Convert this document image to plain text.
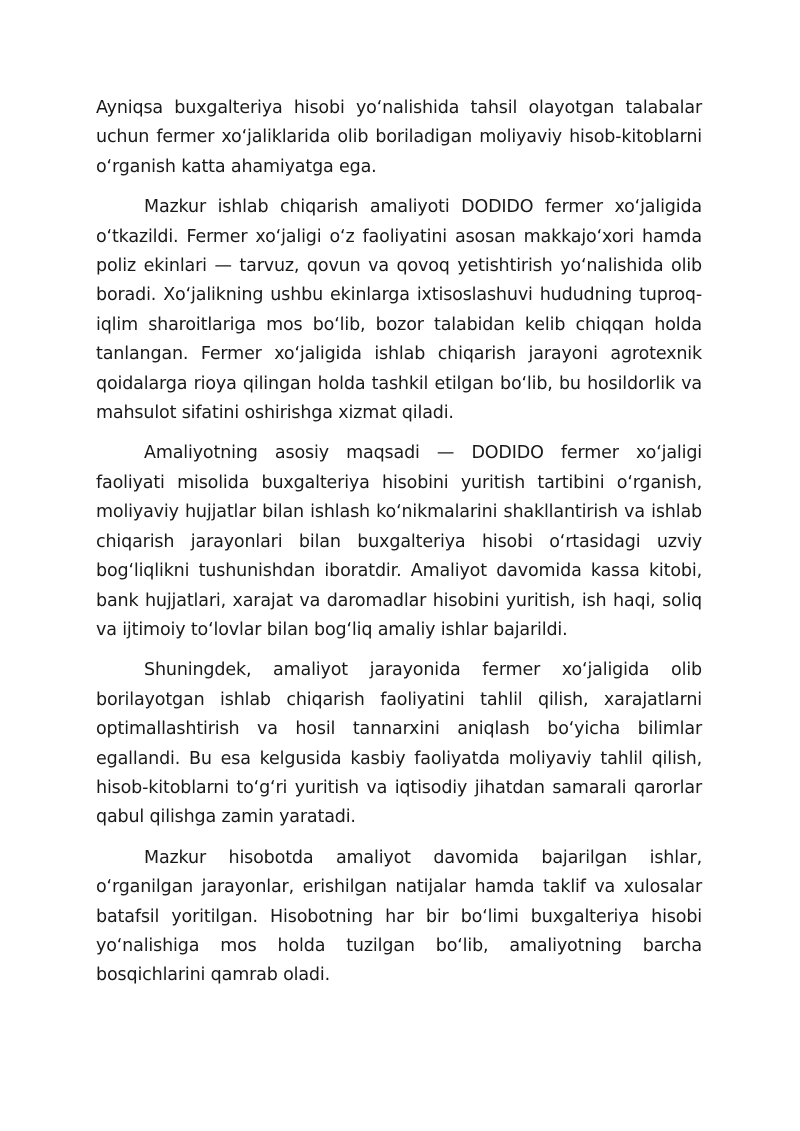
Ayniqsa buxgalteriya hisobi yo‘nalishida tahsil olayotgan talabalar uchun fermer xo‘jaliklarida olib boriladigan moliyaviy hisob-kitoblarni o‘rganish katta ahamiyatga ega.

Mazkur ishlab chiqarish amaliyoti DODIDO fermer xo‘jaligida o‘tkazildi. Fermer xo‘jaligi o‘z faoliyatini asosan makkajo‘xori hamda poliz ekinlari — tarvuz, qovun va qovoq yetishtirish yo‘nalishida olib boradi. Xo‘jalikning ushbu ekinlarga ixtisoslashuvi hududning tuproq-iqlim sharoitlariga mos bo‘lib, bozor talabidan kelib chiqqan holda tanlangan. Fermer xo‘jaligida ishlab chiqarish jarayoni agrotexnik qoidalarga rioya qilingan holda tashkil etilgan bo‘lib, bu hosildorlik va mahsulot sifatini oshirishga xizmat qiladi.

Amaliyotning asosiy maqsadi — DODIDO fermer xo‘jaligi faoliyati misolida buxgalteriya hisobini yuritish tartibini o‘rganish, moliyaviy hujjatlar bilan ishlash ko‘nikmalarini shakllantirish va ishlab chiqarish jarayonlari bilan buxgalteriya hisobi o‘rtasidagi uzviy bog‘liqlikni tushunishdan iboratdir. Amaliyot davomida kassa kitobi, bank hujjatlari, xarajat va daromadlar hisobini yuritish, ish haqi, soliq va ijtimoiy to‘lovlar bilan bog‘liq amaliy ishlar bajarildi.

Shuningdek, amaliyot jarayonida fermer xo‘jaligida olib borilayotgan ishlab chiqarish faoliyatini tahlil qilish, xarajatlarni optimallashtirish va hosil tannarxini aniqlash bo‘yicha bilimlar egallandi. Bu esa kelgusida kasbiy faoliyatda moliyaviy tahlil qilish, hisob-kitoblarni to‘g‘ri yuritish va iqtisodiy jihatdan samarali qarorlar qabul qilishga zamin yaratadi.

Mazkur hisobotda amaliyot davomida bajarilgan ishlar, o‘rganilgan jarayonlar, erishilgan natijalar hamda taklif va xulosalar batafsil yoritilgan. Hisobotning har bir bo‘limi buxgalteriya hisobi yo‘nalishiga mos holda tuzilgan bo‘lib, amaliyotning barcha bosqichlarini qamrab oladi.
